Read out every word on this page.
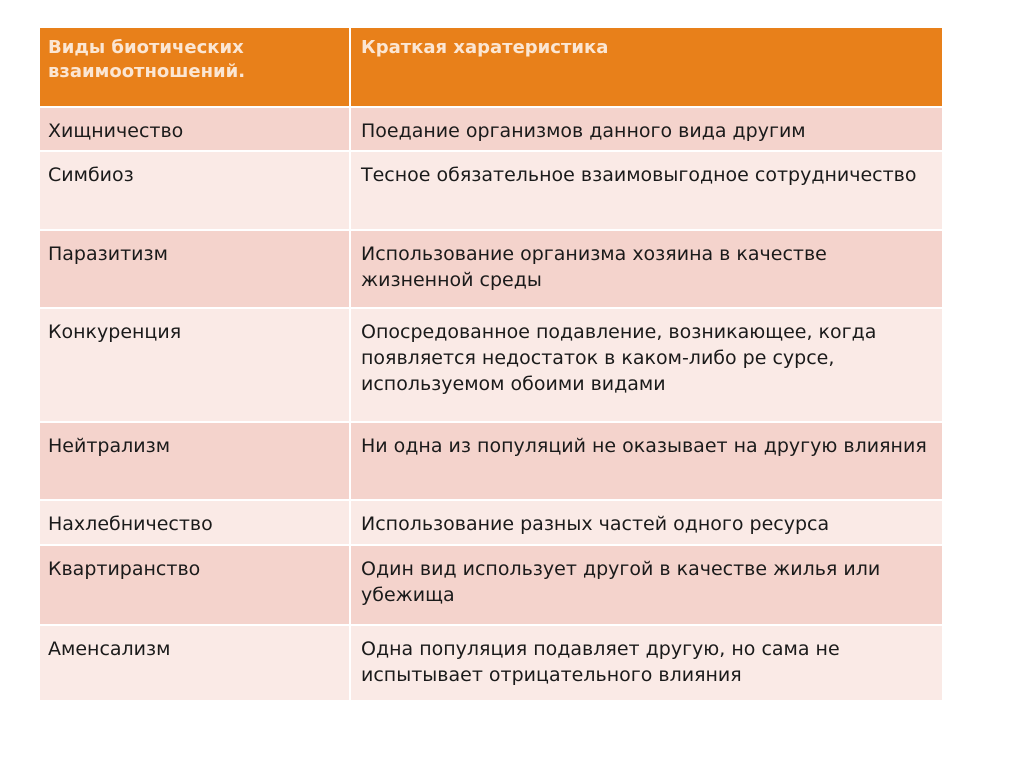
Виды биотических взаимоотношений.	Краткая харатеристика
Хищничество	Поедание организмов данного вида другим
Симбиоз	Тесное обязательное взаимовыгодное сотрудничество
Паразитизм	Использование организма хозяина в качестве жизненной среды
Конкуренция	Опосредованное подавление, возникающее, когда появляется недостаток в каком-либо ре сурсе, используемом обоими видами
Нейтрализм	Ни одна из популяций не оказывает на другую влияния
Нахлебничество	Использование разных частей одного ресурса
Квартиранство	Один вид использует другой в качестве жилья или убежища
Аменсализм	Одна популяция подавляет другую, но сама не испытывает отрицательного влияния
